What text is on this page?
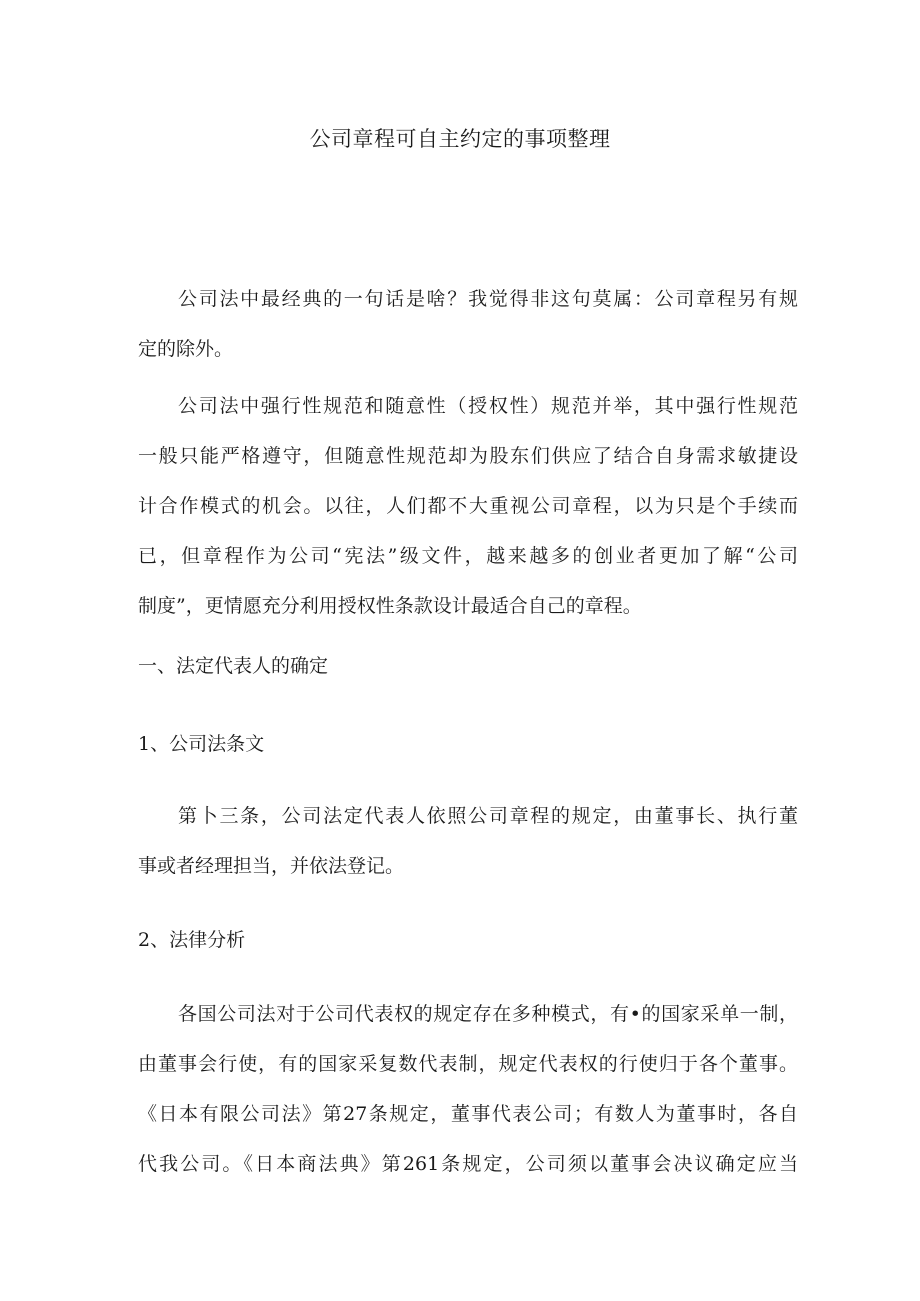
公司章程可自主约定的事项整理
公司法中最经典的一句话是啥？我觉得非这句莫属：公司章程另有规
定的除外。
公司法中强行性规范和随意性（授权性）规范并举，其中强行性规范
一般只能严格遵守，但随意性规范却为股东们供应了结合自身需求敏捷设
计合作模式的机会。以往，人们都不大重视公司章程，以为只是个手续而
已，但章程作为公司“宪法”级文件，越来越多的创业者更加了解“公司
制度”，更情愿充分利用授权性条款设计最适合自己的章程。
一、法定代表人的确定
1、公司法条文
第卜三条，公司法定代表人依照公司章程的规定，由董事长、执行董
事或者经理担当，并依法登记。
2、法律分析
各国公司法对于公司代表权的规定存在多种模式，有•的国家采单一制，
由董事会行使，有的国家采复数代表制，规定代表权的行使归于各个董事。
《日本有限公司法》第27条规定，董事代表公司；有数人为董事时，各自
代我公司。《日本商法典》第261条规定，公司须以董事会决议确定应当
